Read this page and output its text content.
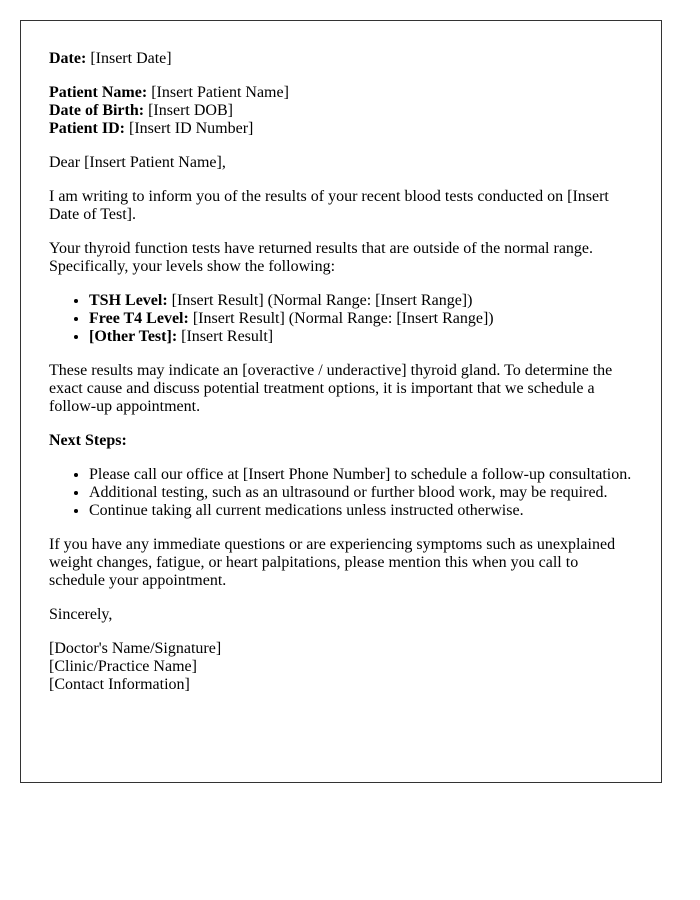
Date: [Insert Date]

Patient Name: [Insert Patient Name]
Date of Birth: [Insert DOB]
Patient ID: [Insert ID Number]

Dear [Insert Patient Name],

I am writing to inform you of the results of your recent blood tests conducted on [Insert Date of Test].

Your thyroid function tests have returned results that are outside of the normal range. Specifically, your levels show the following:

• TSH Level: [Insert Result] (Normal Range: [Insert Range])
• Free T4 Level: [Insert Result] (Normal Range: [Insert Range])
• [Other Test]: [Insert Result]

These results may indicate an [overactive / underactive] thyroid gland. To determine the exact cause and discuss potential treatment options, it is important that we schedule a follow-up appointment.

Next Steps:

• Please call our office at [Insert Phone Number] to schedule a follow-up consultation.
• Additional testing, such as an ultrasound or further blood work, may be required.
• Continue taking all current medications unless instructed otherwise.

If you have any immediate questions or are experiencing symptoms such as unexplained weight changes, fatigue, or heart palpitations, please mention this when you call to schedule your appointment.

Sincerely,

[Doctor's Name/Signature]
[Clinic/Practice Name]
[Contact Information]
